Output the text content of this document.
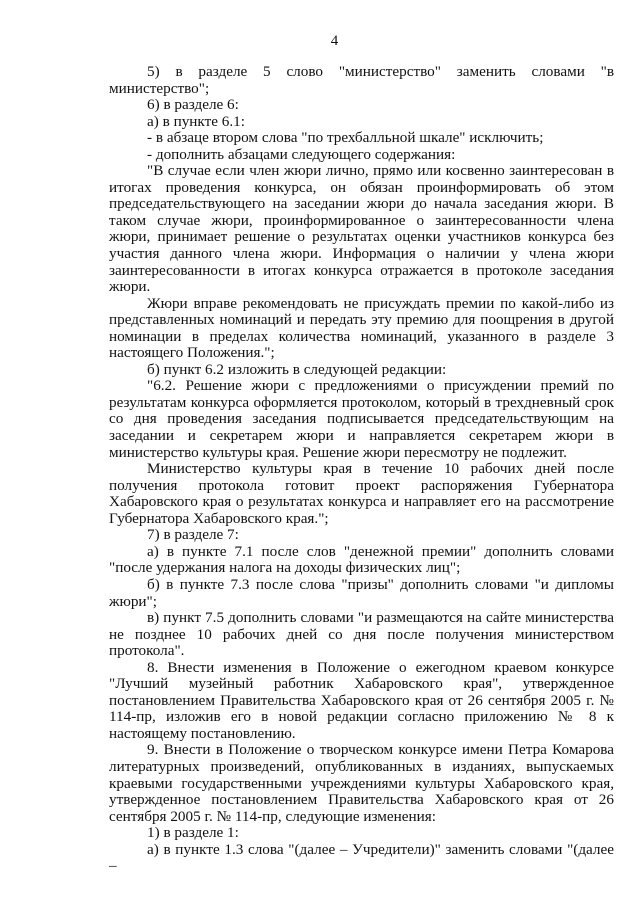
4

5) в разделе 5 слово "министерство" заменить словами "в министерство";

6) в разделе 6:

а) в пункте 6.1:

- в абзаце втором слова "по трехбалльной шкале" исключить;

- дополнить абзацами следующего содержания:

"В случае если член жюри лично, прямо или косвенно заинтересован в итогах проведения конкурса, он обязан проинформировать об этом председательствующего на заседании жюри до начала заседания жюри. В таком случае жюри, проинформированное о заинтересованности члена жюри, принимает решение о результатах оценки участников конкурса без участия данного члена жюри. Информация о наличии у члена жюри заинтересованности в итогах конкурса отражается в протоколе заседания жюри.

Жюри вправе рекомендовать не присуждать премии по какой-либо из представленных номинаций и передать эту премию для поощрения в другой номинации в пределах количества номинаций, указанного в разделе 3 настоящего Положения.";

б) пункт 6.2 изложить в следующей редакции:

"6.2. Решение жюри с предложениями о присуждении премий по результатам конкурса оформляется протоколом, который в трехдневный срок со дня проведения заседания подписывается председательствующим на заседании и секретарем жюри и направляется секретарем жюри в министерство культуры края. Решение жюри пересмотру не подлежит.

Министерство культуры края в течение 10 рабочих дней после получения протокола готовит проект распоряжения Губернатора Хабаровского края о результатах конкурса и направляет его на рассмотрение Губернатора Хабаровского края.";

7) в разделе 7:

а) в пункте 7.1 после слов "денежной премии" дополнить словами "после удержания налога на доходы физических лиц";

б) в пункте 7.3 после слова "призы" дополнить словами "и дипломы жюри";

в) пункт 7.5 дополнить словами "и размещаются на сайте министерства не позднее 10 рабочих дней со дня после получения министерством протокола".

8. Внести изменения в Положение о ежегодном краевом конкурсе "Лучший музейный работник Хабаровского края", утвержденное постановлением Правительства Хабаровского края от 26 сентября 2005 г. № 114-пр, изложив его в новой редакции согласно приложению № 8 к настоящему постановлению.

9. Внести в Положение о творческом конкурсе имени Петра Комарова литературных произведений, опубликованных в изданиях, выпускаемых краевыми государственными учреждениями культуры Хабаровского края, утвержденное постановлением Правительства Хабаровского края от 26 сентября 2005 г. № 114-пр, следующие изменения:

1) в разделе 1:

а) в пункте 1.3 слова "(далее – Учредители)" заменить словами "(далее –
